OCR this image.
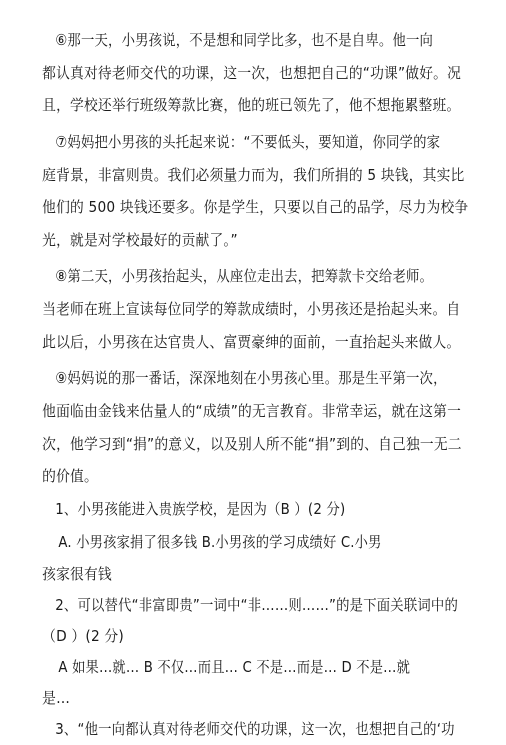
⑥那一天，小男孩说，不是想和同学比多，也不是自卑。他一向
都认真对待老师交代的功课，这一次，也想把自己的“功课”做好。况
且，学校还举行班级筹款比赛，他的班已领先了，他不想拖累整班。
⑦妈妈把小男孩的头托起来说：“不要低头，要知道，你同学的家
庭背景，非富则贵。我们必须量力而为，我们所捐的 5 块钱，其实比
他们的 500 块钱还要多。你是学生，只要以自己的品学，尽力为校争
光，就是对学校最好的贡献了。”
⑧第二天，小男孩抬起头，从座位走出去，把筹款卡交给老师。
当老师在班上宣读每位同学的筹款成绩时，小男孩还是抬起头来。自
此以后，小男孩在达官贵人、富贾豪绅的面前，一直抬起头来做人。
⑨妈妈说的那一番话，深深地刻在小男孩心里。那是生平第一次，
他面临由金钱来估量人的“成绩”的无言教育。非常幸运，就在这第一
次，他学习到“捐”的意义，以及别人所不能“捐”到的、自己独一无二
的价值。
1、小男孩能进入贵族学校，是因为（B ）(2 分)
A. 小男孩家捐了很多钱 B.小男孩的学习成绩好 C.小男
孩家很有钱
2、可以替代“非富即贵”一词中“非……则……”的是下面关联词中的
（D ）(2 分)
A 如果…就… B 不仅…而且… C 不是…而是… D 不是…就
是…
3、“他一向都认真对待老师交代的功课，这一次，也想把自己的‘功
